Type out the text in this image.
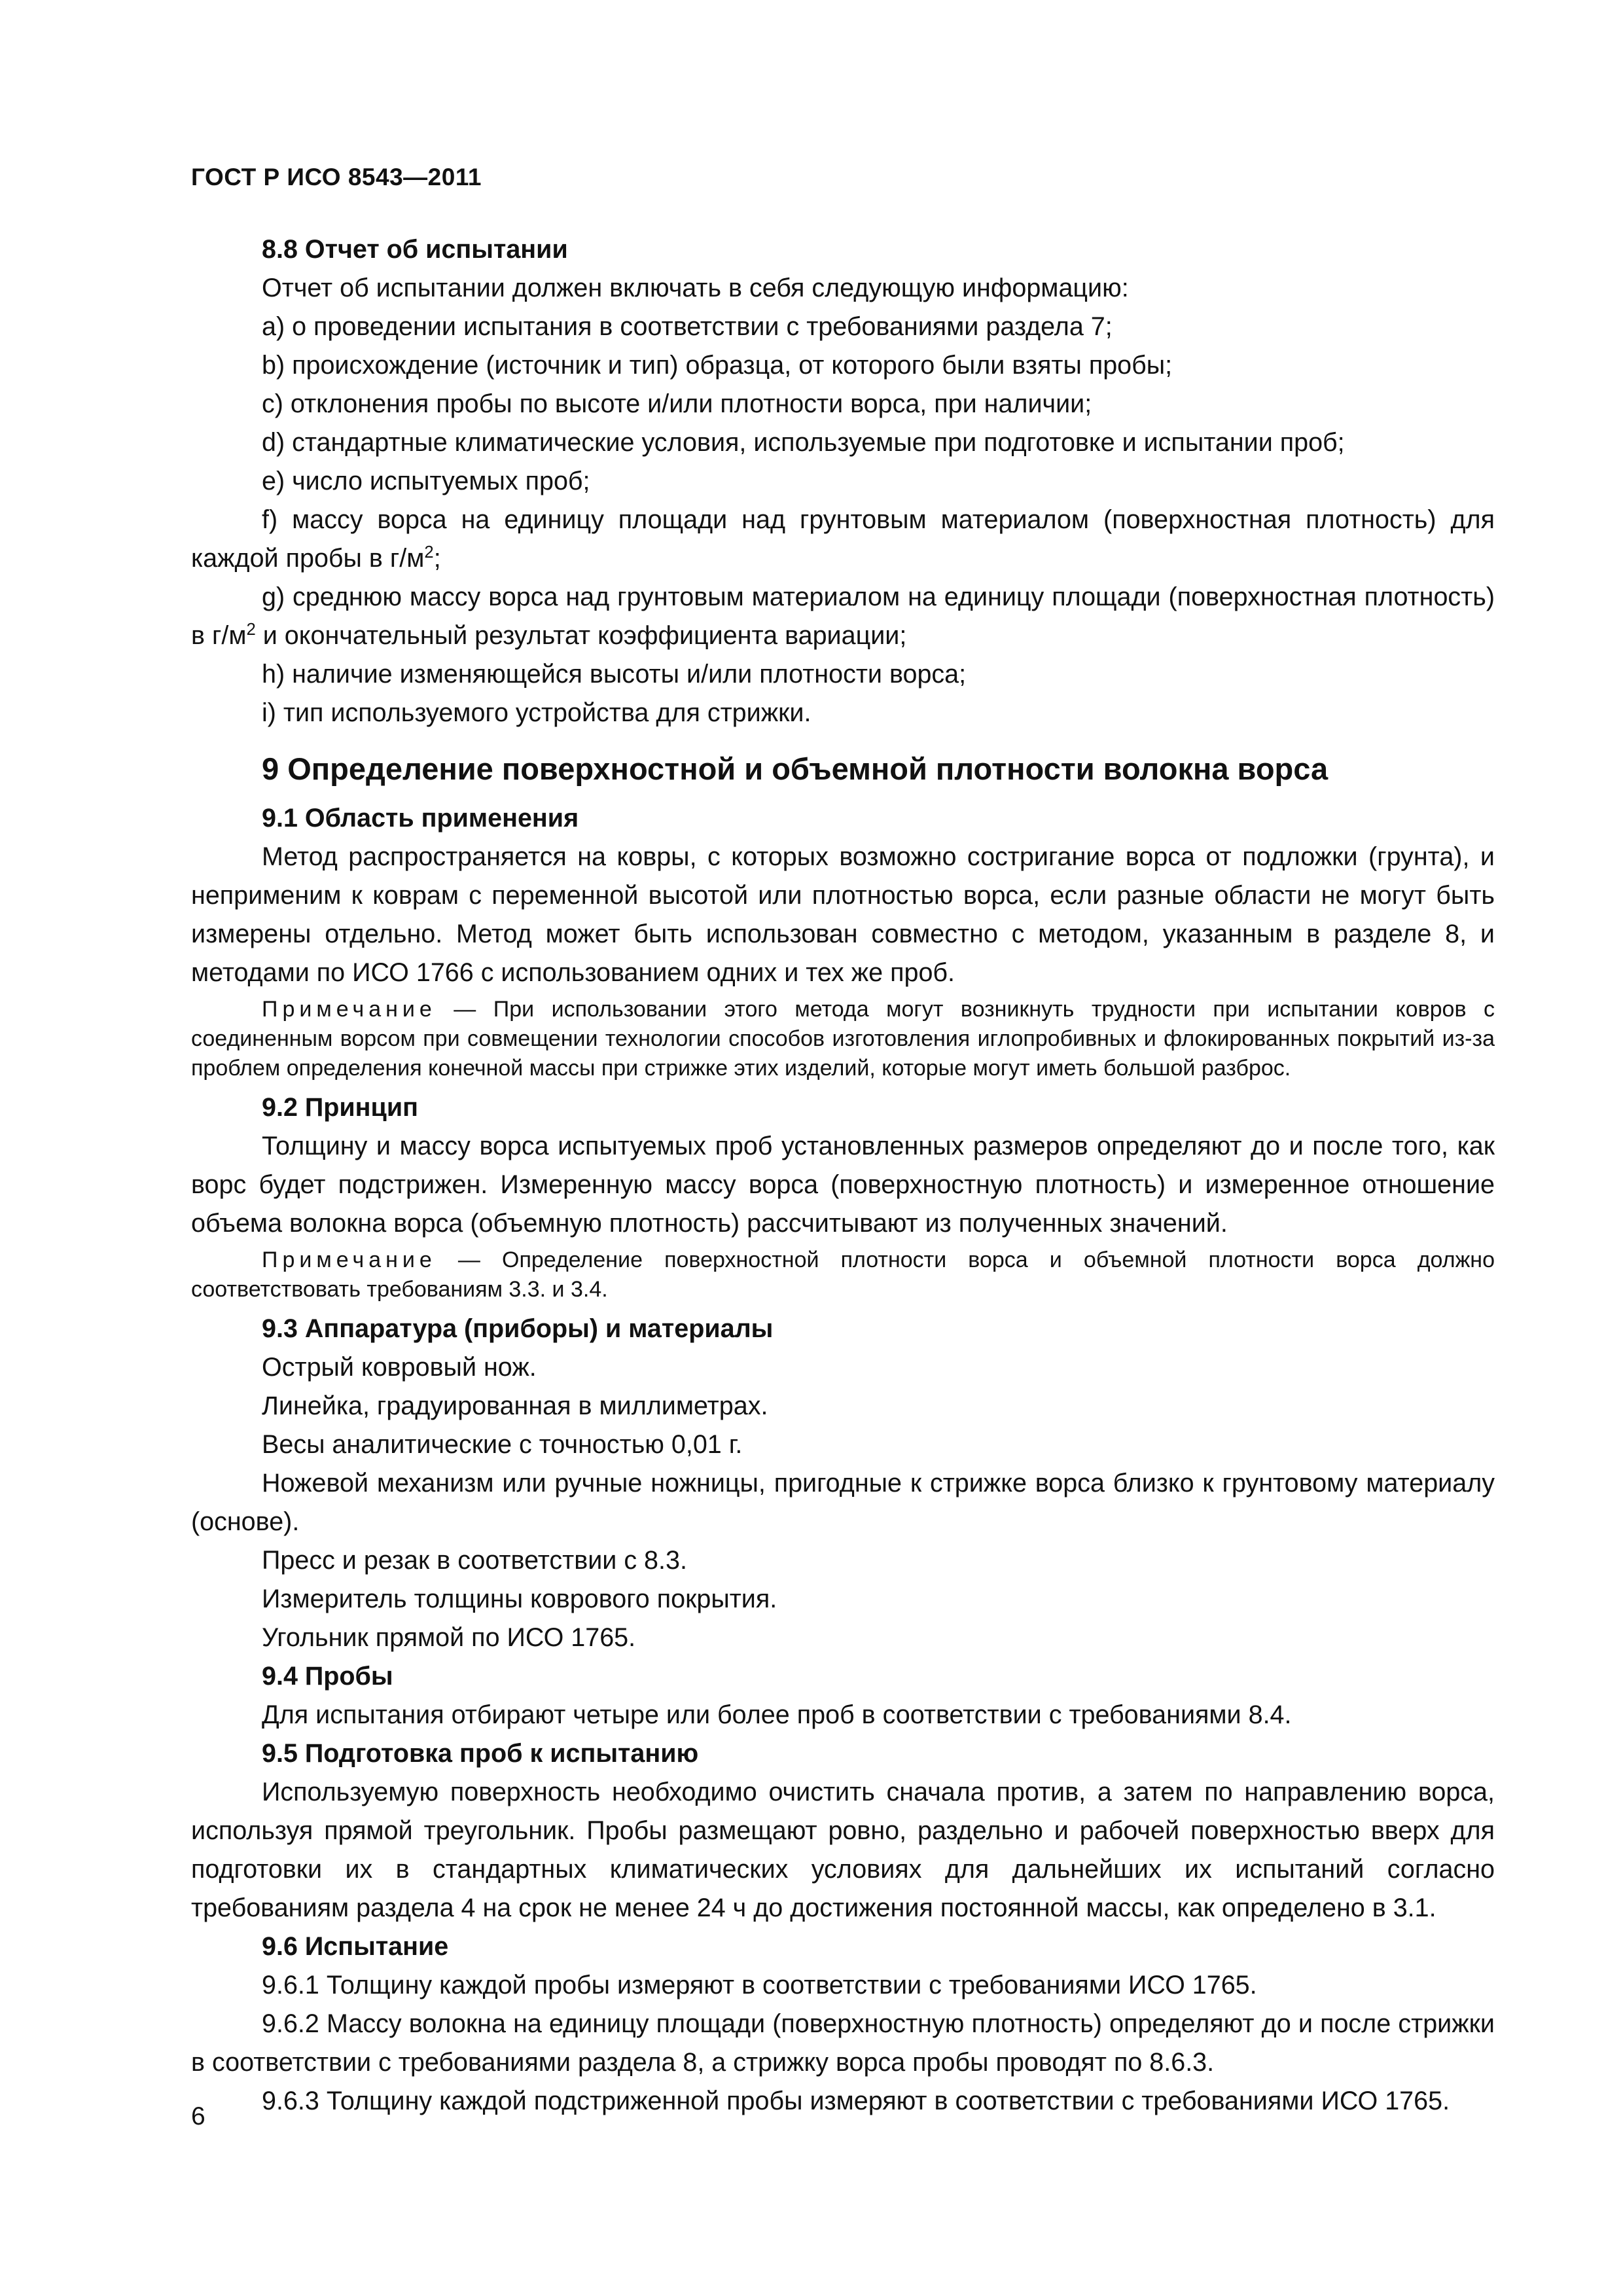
ГОСТ Р ИСО 8543—2011

8.8 Отчет об испытании

Отчет об испытании должен включать в себя следующую информацию:

a) о проведении испытания в соответствии с требованиями раздела 7;

b) происхождение (источник и тип) образца, от которого были взяты пробы;

c) отклонения пробы по высоте и/или плотности ворса, при наличии;

d) стандартные климатические условия, используемые при подготовке и испытании проб;

e) число испытуемых проб;

f) массу ворса на единицу площади над грунтовым материалом (поверхностная плотность) для каждой пробы в $г/м^2$;

g) среднюю массу ворса над грунтовым материалом на единицу площади (поверхностная плотность) в $г/м^2$ и окончательный результат коэффициента вариации;

h) наличие изменяющейся высоты и/или плотности ворса;

i) тип используемого устройства для стрижки.

9 Определение поверхностной и объемной плотности волокна ворса

9.1 Область применения

Метод распространяется на ковры, с которых возможно состригание ворса от подложки (грунта), и неприменим к коврам с переменной высотой или плотностью ворса, если разные области не могут быть измерены отдельно. Метод может быть использован совместно с методом, указанным в разделе 8, и методами по ИСО 1766 с использованием одних и тех же проб.

Примечание — При использовании этого метода могут возникнуть трудности при испытании ковров с соединенным ворсом при совмещении технологии способов изготовления иглопробивных и флокированных покрытий из-за проблем определения конечной массы при стрижке этих изделий, которые могут иметь большой разброс.

9.2 Принцип

Толщину и массу ворса испытуемых проб установленных размеров определяют до и после того, как ворс будет подстрижен. Измеренную массу ворса (поверхностную плотность) и измеренное отношение объема волокна ворса (объемную плотность) рассчитывают из полученных значений.

Примечание — Определение поверхностной плотности ворса и объемной плотности ворса должно соответствовать требованиям 3.3. и 3.4.

9.3 Аппаратура (приборы) и материалы

Острый ковровый нож.

Линейка, градуированная в миллиметрах.

Весы аналитические с точностью 0,01 г.

Ножевой механизм или ручные ножницы, пригодные к стрижке ворса близко к грунтовому материалу (основе).

Пресс и резак в соответствии с 8.3.

Измеритель толщины коврового покрытия.

Угольник прямой по ИСО 1765.

9.4 Пробы

Для испытания отбирают четыре или более проб в соответствии с требованиями 8.4.

9.5 Подготовка проб к испытанию

Используемую поверхность необходимо очистить сначала против, а затем по направлению ворса, используя прямой треугольник. Пробы размещают ровно, раздельно и рабочей поверхностью вверх для подготовки их в стандартных климатических условиях для дальнейших их испытаний согласно требованиям раздела 4 на срок не менее 24 ч до достижения постоянной массы, как определено в 3.1.

9.6 Испытание

9.6.1 Толщину каждой пробы измеряют в соответствии с требованиями ИСО 1765.

9.6.2 Массу волокна на единицу площади (поверхностную плотность) определяют до и после стрижки в соответствии с требованиями раздела 8, а стрижку ворса пробы проводят по 8.6.3.

9.6.3 Толщину каждой подстриженной пробы измеряют в соответствии с требованиями ИСО 1765.

6
